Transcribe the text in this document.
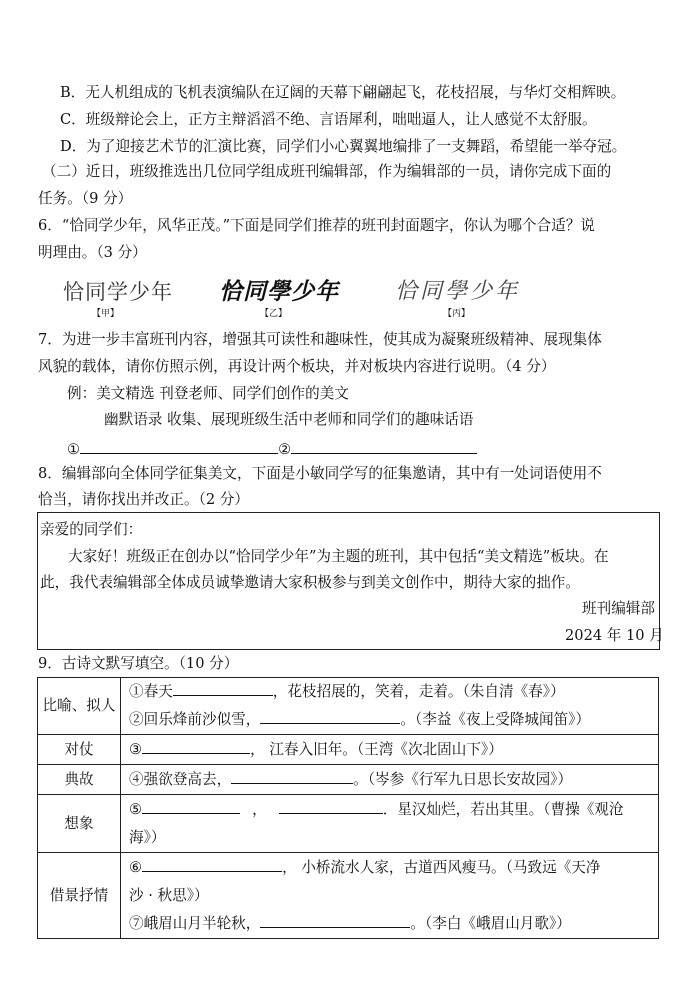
B．无人机组成的飞机表演编队在辽阔的天幕下翩翩起飞，花枝招展，与华灯交相辉映。
C．班级辩论会上，正方主辩滔滔不绝、言语犀利，咄咄逼人，让人感觉不太舒服。
D．为了迎接艺术节的汇演比赛，同学们小心翼翼地编排了一支舞蹈，希望能一举夺冠。
（二）近日，班级推选出几位同学组成班刊编辑部，作为编辑部的一员，请你完成下面的
任务。（9 分）
6．“恰同学少年，风华正茂。”下面是同学们推荐的班刊封面题字，你认为哪个合适？说
明理由。（3 分）
恰同学少年
【甲】
恰同學少年
【乙】
恰同學少年
【丙】
7．为进一步丰富班刊内容，增强其可读性和趣味性，使其成为凝聚班级精神、展现集体
风貌的载体，请你仿照示例，再设计两个板块，并对板块内容进行说明。（4 分）
例：美文精选 刊登老师、同学们创作的美文
幽默语录 收集、展现班级生活中老师和同学们的趣味话语
①	②
8．编辑部向全体同学征集美文，下面是小敏同学写的征集邀请，其中有一处词语使用不
恰当，请你找出并改正。（2 分）
亲爱的同学们：
大家好！班级正在创办以“恰同学少年”为主题的班刊，其中包括“美文精选”板块。在
此，我代表编辑部全体成员诚挚邀请大家积极参与到美文创作中，期待大家的拙作。
班刊编辑部
2024 年 10 月
9．古诗文默写填空。（10 分）
比喻、拟人	①春天 ，花枝招展的，笑着，走着。（朱自清《春》）
②回乐烽前沙似雪， 。（李益《夜上受降城闻笛》）

对仗	③ ， 江春入旧年。（王湾《次北固山下》）

典故	④强欲登高去， 。（岑参《行军九日思长安故园》）

想象	⑤ ， ．星汉灿烂，若出其里。（曹操《观沧
海》）

借景抒情	⑥ ， 小桥流水人家，古道西风瘦马。（马致远《天净
沙 · 秋思》）
⑦峨眉山月半轮秋， 。（李白《峨眉山月歌》）
